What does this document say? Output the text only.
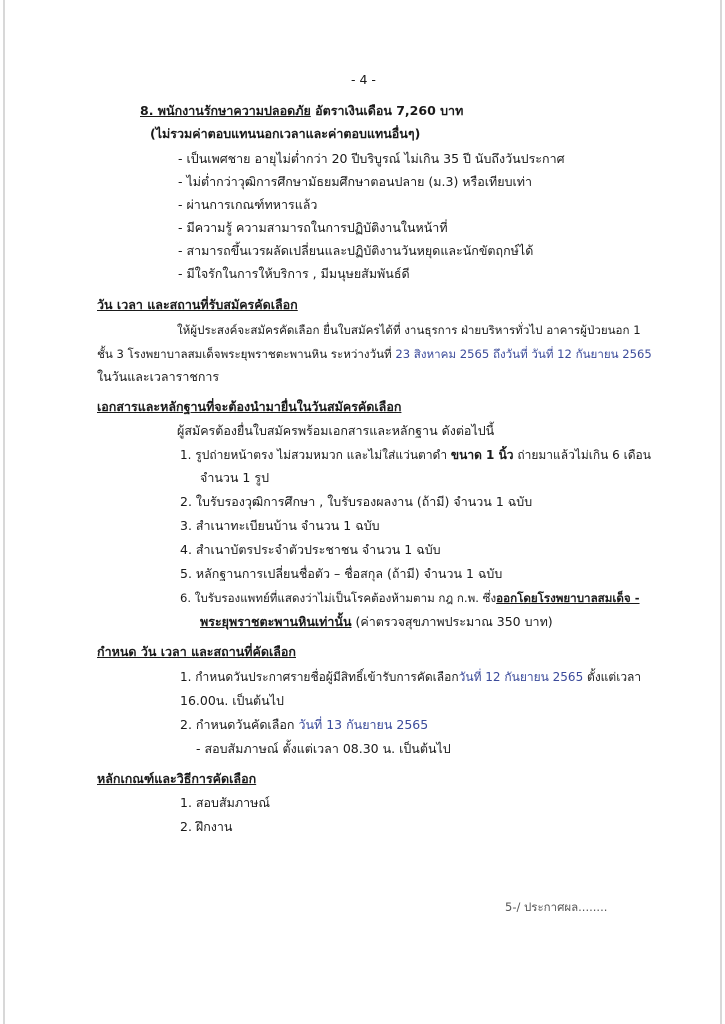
- 4 -
8. พนักงานรักษาความปลอดภัย อัตราเงินเดือน 7,260 บาท
(ไม่รวมค่าตอบแทนนอกเวลาและค่าตอบแทนอื่นๆ)
- เป็นเพศชาย อายุไม่ต่ำกว่า 20 ปีบริบูรณ์ ไม่เกิน 35 ปี นับถึงวันประกาศ
- ไม่ต่ำกว่าวุฒิการศึกษามัธยมศึกษาตอนปลาย (ม.3) หรือเทียบเท่า
- ผ่านการเกณฑ์ทหารแล้ว
- มีความรู้ ความสามารถในการปฏิบัติงานในหน้าที่
- สามารถขึ้นเวรผลัดเปลี่ยนและปฏิบัติงานวันหยุดและนักขัตฤกษ์ได้
- มีใจรักในการให้บริการ , มีมนุษยสัมพันธ์ดี
วัน เวลา และสถานที่รับสมัครคัดเลือก
ให้ผู้ประสงค์จะสมัครคัดเลือก ยื่นใบสมัครได้ที่ งานธุรการ ฝ่ายบริหารทั่วไป อาคารผู้ป่วยนอก 1
ชั้น 3 โรงพยาบาลสมเด็จพระยุพราชตะพานหิน ระหว่างวันที่ 23 สิงหาคม 2565 ถึงวันที่ วันที่ 12 กันยายน 2565
ในวันและเวลาราชการ
เอกสารและหลักฐานที่จะต้องนำมายื่นในวันสมัครคัดเลือก
ผู้สมัครต้องยื่นใบสมัครพร้อมเอกสารและหลักฐาน ดังต่อไปนี้
1. รูปถ่ายหน้าตรง ไม่สวมหมวก และไม่ใส่แว่นตาดำ ขนาด 1 นิ้ว ถ่ายมาแล้วไม่เกิน 6 เดือน
จำนวน 1 รูป
2. ใบรับรองวุฒิการศึกษา , ใบรับรองผลงาน (ถ้ามี) จำนวน 1 ฉบับ
3. สำเนาทะเบียนบ้าน จำนวน 1 ฉบับ
4. สำเนาบัตรประจำตัวประชาชน จำนวน 1 ฉบับ
5. หลักฐานการเปลี่ยนชื่อตัว – ชื่อสกุล (ถ้ามี) จำนวน 1 ฉบับ
6. ใบรับรองแพทย์ที่แสดงว่าไม่เป็นโรคต้องห้ามตาม กฎ ก.พ. ซึ่งออกโดยโรงพยาบาลสมเด็จ -
พระยุพราชตะพานหินเท่านั้น (ค่าตรวจสุขภาพประมาณ 350 บาท)
กำหนด วัน เวลา และสถานที่คัดเลือก
1. กำหนดวันประกาศรายชื่อผู้มีสิทธิ์เข้ารับการคัดเลือกวันที่ 12 กันยายน 2565 ตั้งแต่เวลา
16.00น. เป็นต้นไป
2. กำหนดวันคัดเลือก วันที่ 13 กันยายน 2565
- สอบสัมภาษณ์ ตั้งแต่เวลา 08.30 น. เป็นต้นไป
หลักเกณฑ์และวิธีการคัดเลือก
1. สอบสัมภาษณ์
2. ฝึกงาน
5-/ ประกาศผล........
